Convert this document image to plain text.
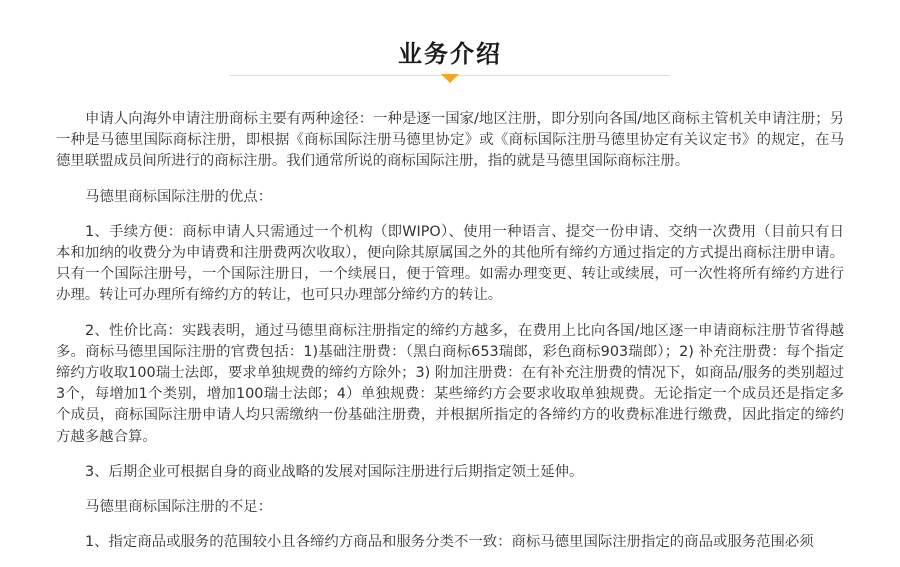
业务介绍

申请人向海外申请注册商标主要有两种途径：一种是逐一国家/地区注册，即分别向各国/地区商标主管机关申请注册；另一种是马德里国际商标注册，即根据《商标国际注册马德里协定》或《商标国际注册马德里协定有关议定书》的规定，在马德里联盟成员间所进行的商标注册。我们通常所说的商标国际注册，指的就是马德里国际商标注册。

马德里商标国际注册的优点：

1、手续方便：商标申请人只需通过一个机构（即WIPO）、使用一种语言、提交一份申请、交纳一次费用（目前只有日本和加纳的收费分为申请费和注册费两次收取），便向除其原属国之外的其他所有缔约方通过指定的方式提出商标注册申请。只有一个国际注册号，一个国际注册日，一个续展日，便于管理。如需办理变更、转让或续展，可一次性将所有缔约方进行办理。转让可办理所有缔约方的转让，也可只办理部分缔约方的转让。

2、性价比高：实践表明，通过马德里商标注册指定的缔约方越多，在费用上比向各国/地区逐一申请商标注册节省得越多。商标马德里国际注册的官费包括：1)基础注册费：（黑白商标653瑞郎，彩色商标903瑞郎）；2) 补充注册费：每个指定缔约方收取100瑞士法郎，要求单独规费的缔约方除外；3) 附加注册费：在有补充注册费的情况下，如商品/服务的类别超过3个，每增加1个类别，增加100瑞士法郎；4）单独规费：某些缔约方会要求收取单独规费。无论指定一个成员还是指定多个成员，商标国际注册申请人均只需缴纳一份基础注册费，并根据所指定的各缔约方的收费标准进行缴费，因此指定的缔约方越多越合算。

3、后期企业可根据自身的商业战略的发展对国际注册进行后期指定领土延伸。

马德里商标国际注册的不足：

1、指定商品或服务的范围较小且各缔约方商品和服务分类不一致：商标马德里国际注册指定的商品或服务范围必须
